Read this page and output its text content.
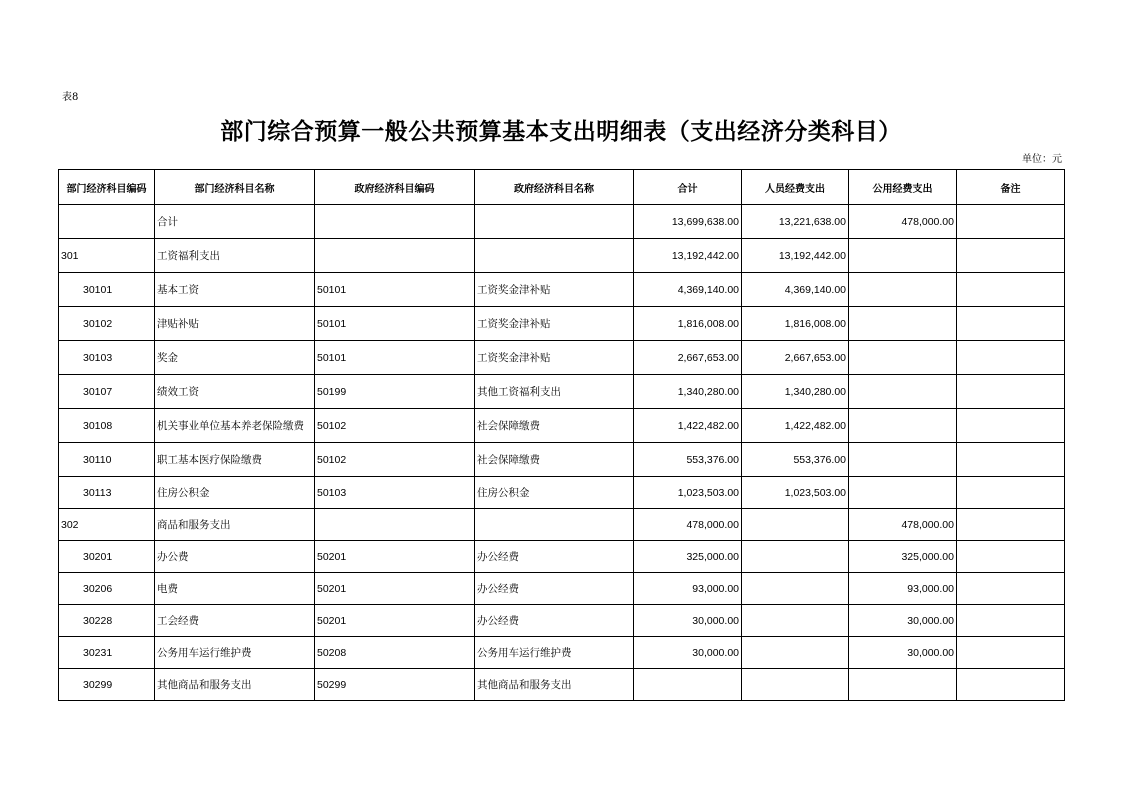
表8
部门综合预算一般公共预算基本支出明细表（支出经济分类科目）
单位：元
部门经济科目编码	部门经济科目名称	政府经济科目编码	政府经济科目名称	合计	人员经费支出	公用经费支出	备注
	合计			13,699,638.00	13,221,638.00	478,000.00	
301	工资福利支出			13,192,442.00	13,192,442.00		
30101	基本工资	50101	工资奖金津补贴	4,369,140.00	4,369,140.00		
30102	津贴补贴	50101	工资奖金津补贴	1,816,008.00	1,816,008.00		
30103	奖金	50101	工资奖金津补贴	2,667,653.00	2,667,653.00		
30107	绩效工资	50199	其他工资福利支出	1,340,280.00	1,340,280.00		
30108	机关事业单位基本养老保险缴费	50102	社会保障缴费	1,422,482.00	1,422,482.00		
30110	职工基本医疗保险缴费	50102	社会保障缴费	553,376.00	553,376.00		
30113	住房公积金	50103	住房公积金	1,023,503.00	1,023,503.00		
302	商品和服务支出			478,000.00		478,000.00	
30201	办公费	50201	办公经费	325,000.00		325,000.00	
30206	电费	50201	办公经费	93,000.00		93,000.00	
30228	工会经费	50201	办公经费	30,000.00		30,000.00	
30231	公务用车运行维护费	50208	公务用车运行维护费	30,000.00		30,000.00	
30299	其他商品和服务支出	50299	其他商品和服务支出				
